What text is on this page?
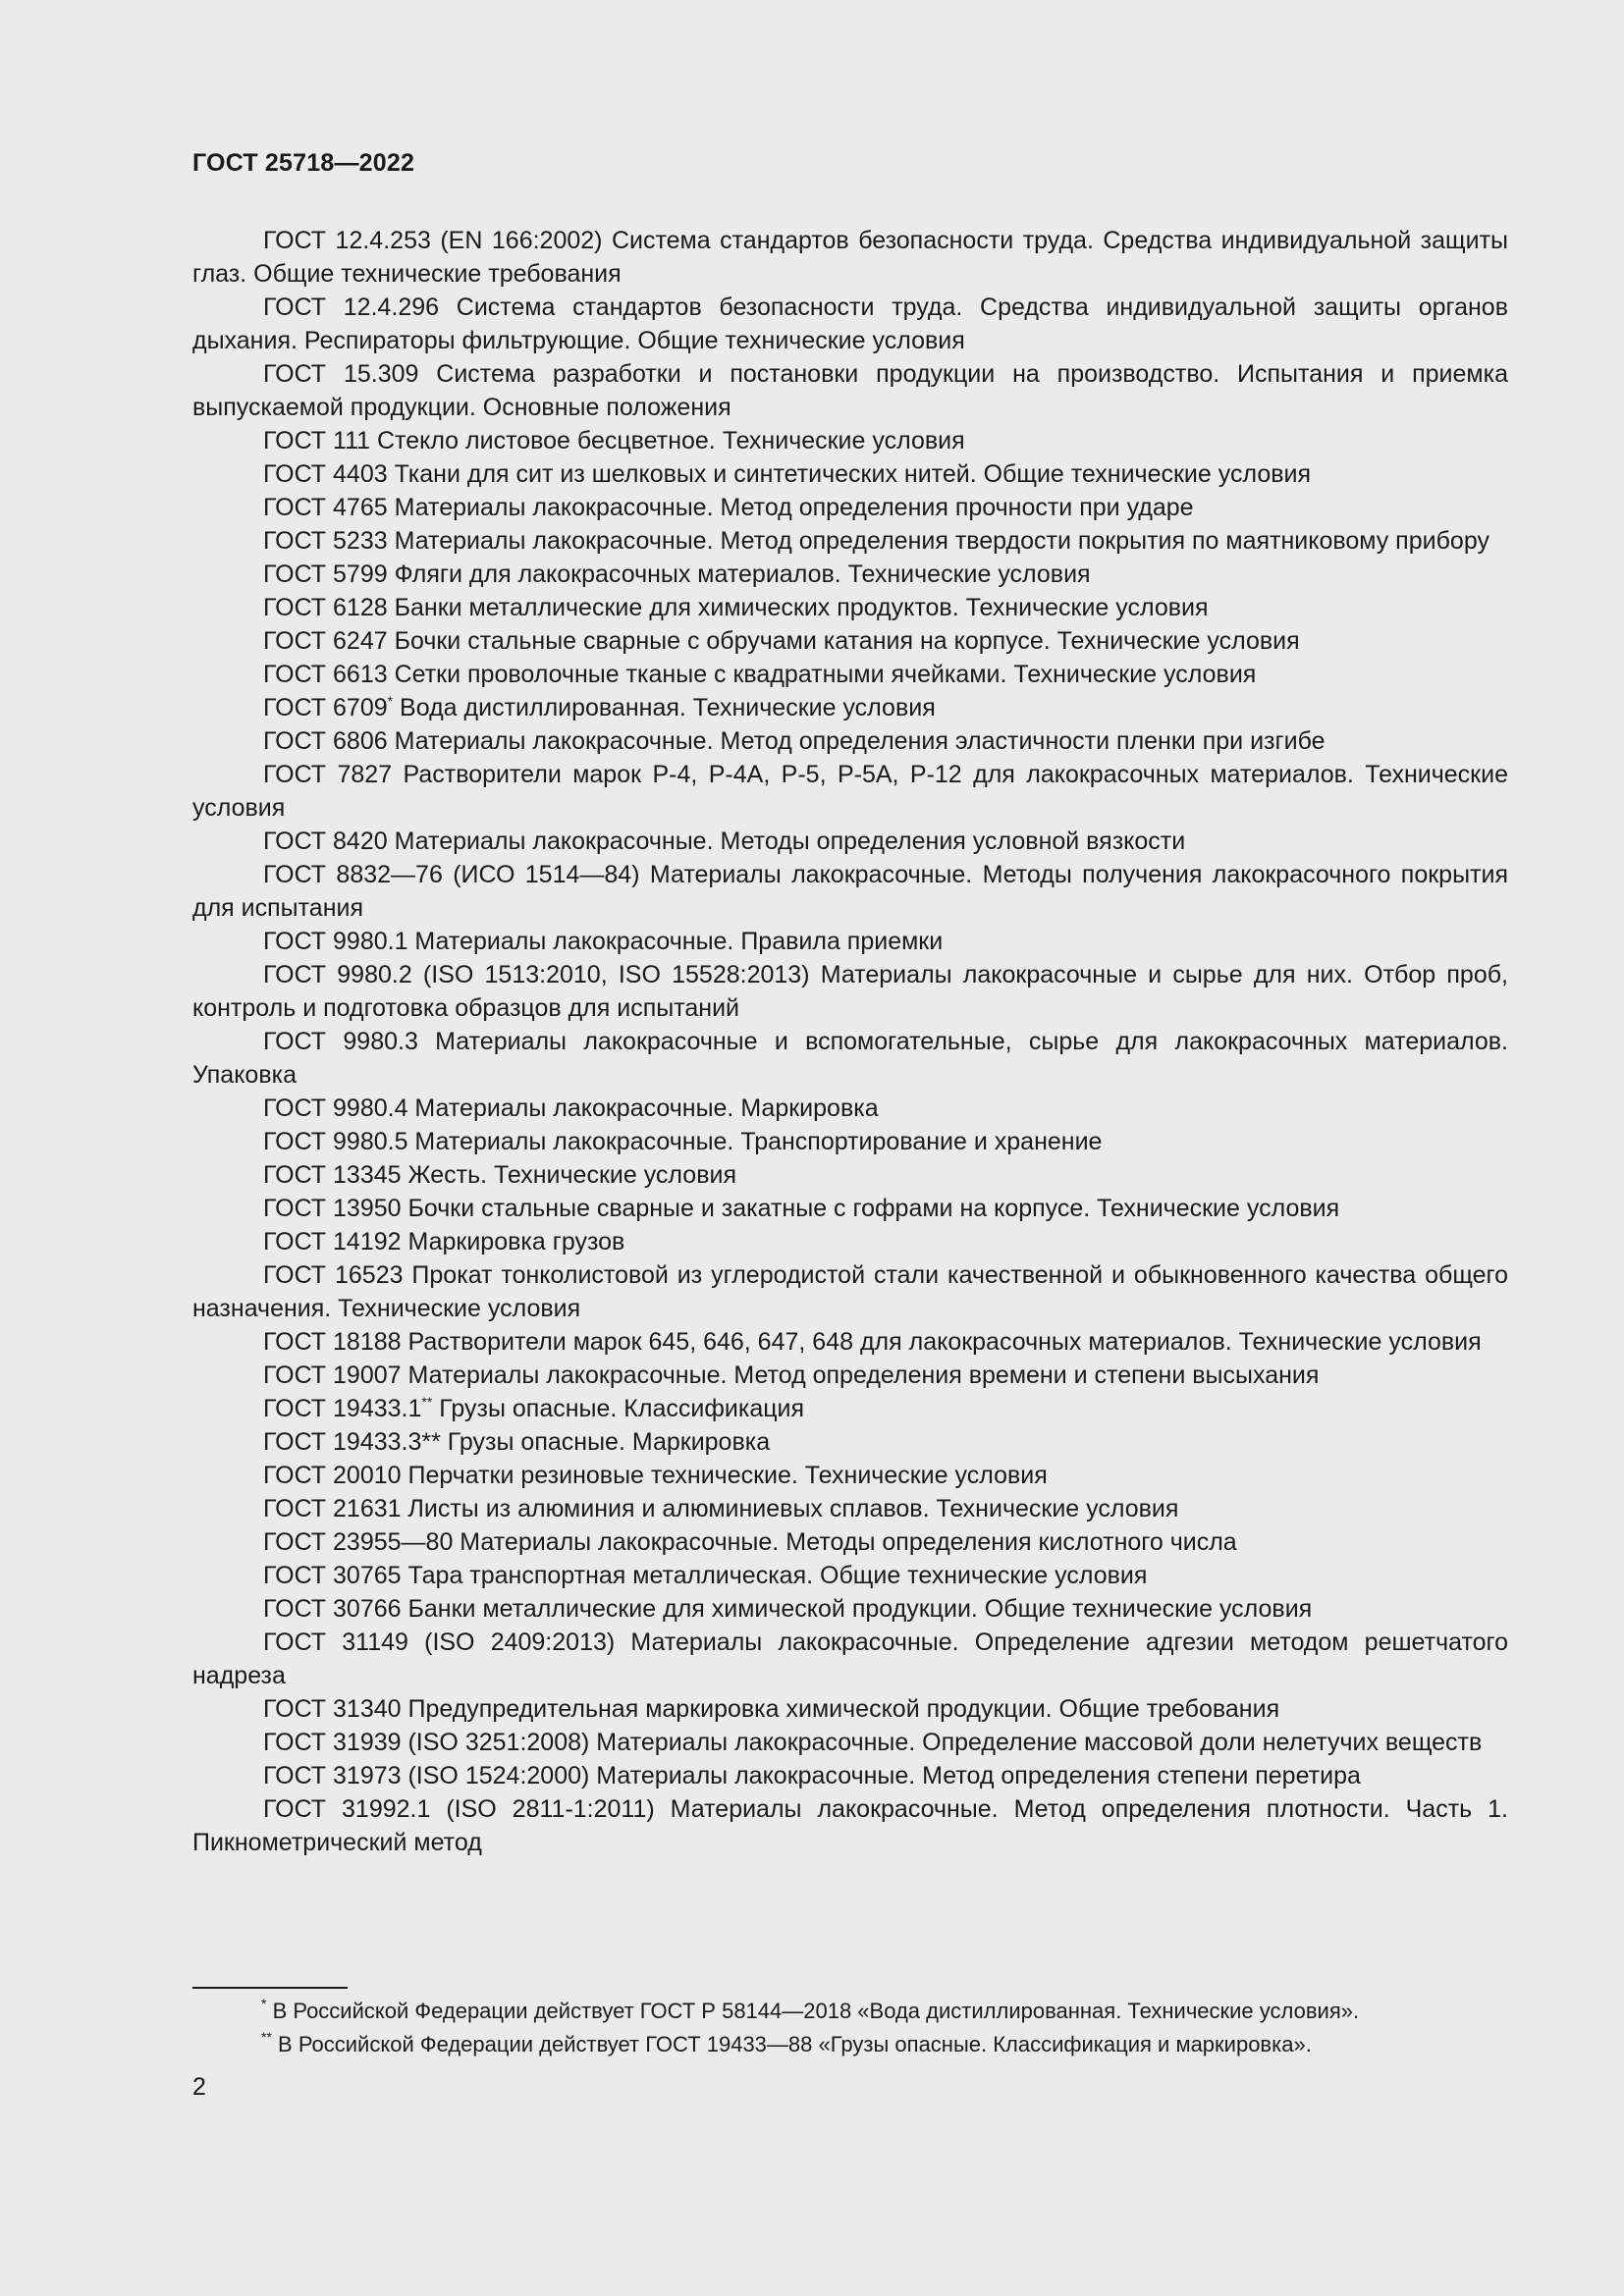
ГОСТ 25718—2022

ГОСТ 12.4.253 (EN 166:2002) Система стандартов безопасности труда. Средства индивидуальной защиты глаз. Общие технические требования

ГОСТ 12.4.296 Система стандартов безопасности труда. Средства индивидуальной защиты органов дыхания. Респираторы фильтрующие. Общие технические условия

ГОСТ 15.309 Система разработки и постановки продукции на производство. Испытания и приемка выпускаемой продукции. Основные положения

ГОСТ 111 Стекло листовое бесцветное. Технические условия

ГОСТ 4403 Ткани для сит из шелковых и синтетических нитей. Общие технические условия

ГОСТ 4765 Материалы лакокрасочные. Метод определения прочности при ударе

ГОСТ 5233 Материалы лакокрасочные. Метод определения твердости покрытия по маятниковому прибору

ГОСТ 5799 Фляги для лакокрасочных материалов. Технические условия

ГОСТ 6128 Банки металлические для химических продуктов. Технические условия

ГОСТ 6247 Бочки стальные сварные с обручами катания на корпусе. Технические условия

ГОСТ 6613 Сетки проволочные тканые с квадратными ячейками. Технические условия

ГОСТ 6709* Вода дистиллированная. Технические условия

ГОСТ 6806 Материалы лакокрасочные. Метод определения эластичности пленки при изгибе

ГОСТ 7827 Растворители марок Р-4, Р-4А, Р-5, Р-5А, Р-12 для лакокрасочных материалов. Технические условия

ГОСТ 8420 Материалы лакокрасочные. Методы определения условной вязкости

ГОСТ 8832—76 (ИСО 1514—84) Материалы лакокрасочные. Методы получения лакокрасочного покрытия для испытания

ГОСТ 9980.1 Материалы лакокрасочные. Правила приемки

ГОСТ 9980.2 (ISO 1513:2010, ISO 15528:2013) Материалы лакокрасочные и сырье для них. Отбор проб, контроль и подготовка образцов для испытаний

ГОСТ 9980.3 Материалы лакокрасочные и вспомогательные, сырье для лакокрасочных материалов. Упаковка

ГОСТ 9980.4 Материалы лакокрасочные. Маркировка

ГОСТ 9980.5 Материалы лакокрасочные. Транспортирование и хранение

ГОСТ 13345 Жесть. Технические условия

ГОСТ 13950 Бочки стальные сварные и закатные с гофрами на корпусе. Технические условия

ГОСТ 14192 Маркировка грузов

ГОСТ 16523 Прокат тонколистовой из углеродистой стали качественной и обыкновенного качества общего назначения. Технические условия

ГОСТ 18188 Растворители марок 645, 646, 647, 648 для лакокрасочных материалов. Технические условия

ГОСТ 19007 Материалы лакокрасочные. Метод определения времени и степени высыхания

ГОСТ 19433.1** Грузы опасные. Классификация

ГОСТ 19433.3** Грузы опасные. Маркировка

ГОСТ 20010 Перчатки резиновые технические. Технические условия

ГОСТ 21631 Листы из алюминия и алюминиевых сплавов. Технические условия

ГОСТ 23955—80 Материалы лакокрасочные. Методы определения кислотного числа

ГОСТ 30765 Тара транспортная металлическая. Общие технические условия

ГОСТ 30766 Банки металлические для химической продукции. Общие технические условия

ГОСТ 31149 (ISO 2409:2013) Материалы лакокрасочные. Определение адгезии методом решетчатого надреза

ГОСТ 31340 Предупредительная маркировка химической продукции. Общие требования

ГОСТ 31939 (ISO 3251:2008) Материалы лакокрасочные. Определение массовой доли нелетучих веществ

ГОСТ 31973 (ISO 1524:2000) Материалы лакокрасочные. Метод определения степени перетира

ГОСТ 31992.1 (ISO 2811-1:2011) Материалы лакокрасочные. Метод определения плотности. Часть 1. Пикнометрический метод

* В Российской Федерации действует ГОСТ Р 58144—2018 «Вода дистиллированная. Технические условия».

** В Российской Федерации действует ГОСТ 19433—88 «Грузы опасные. Классификация и маркировка».

2
